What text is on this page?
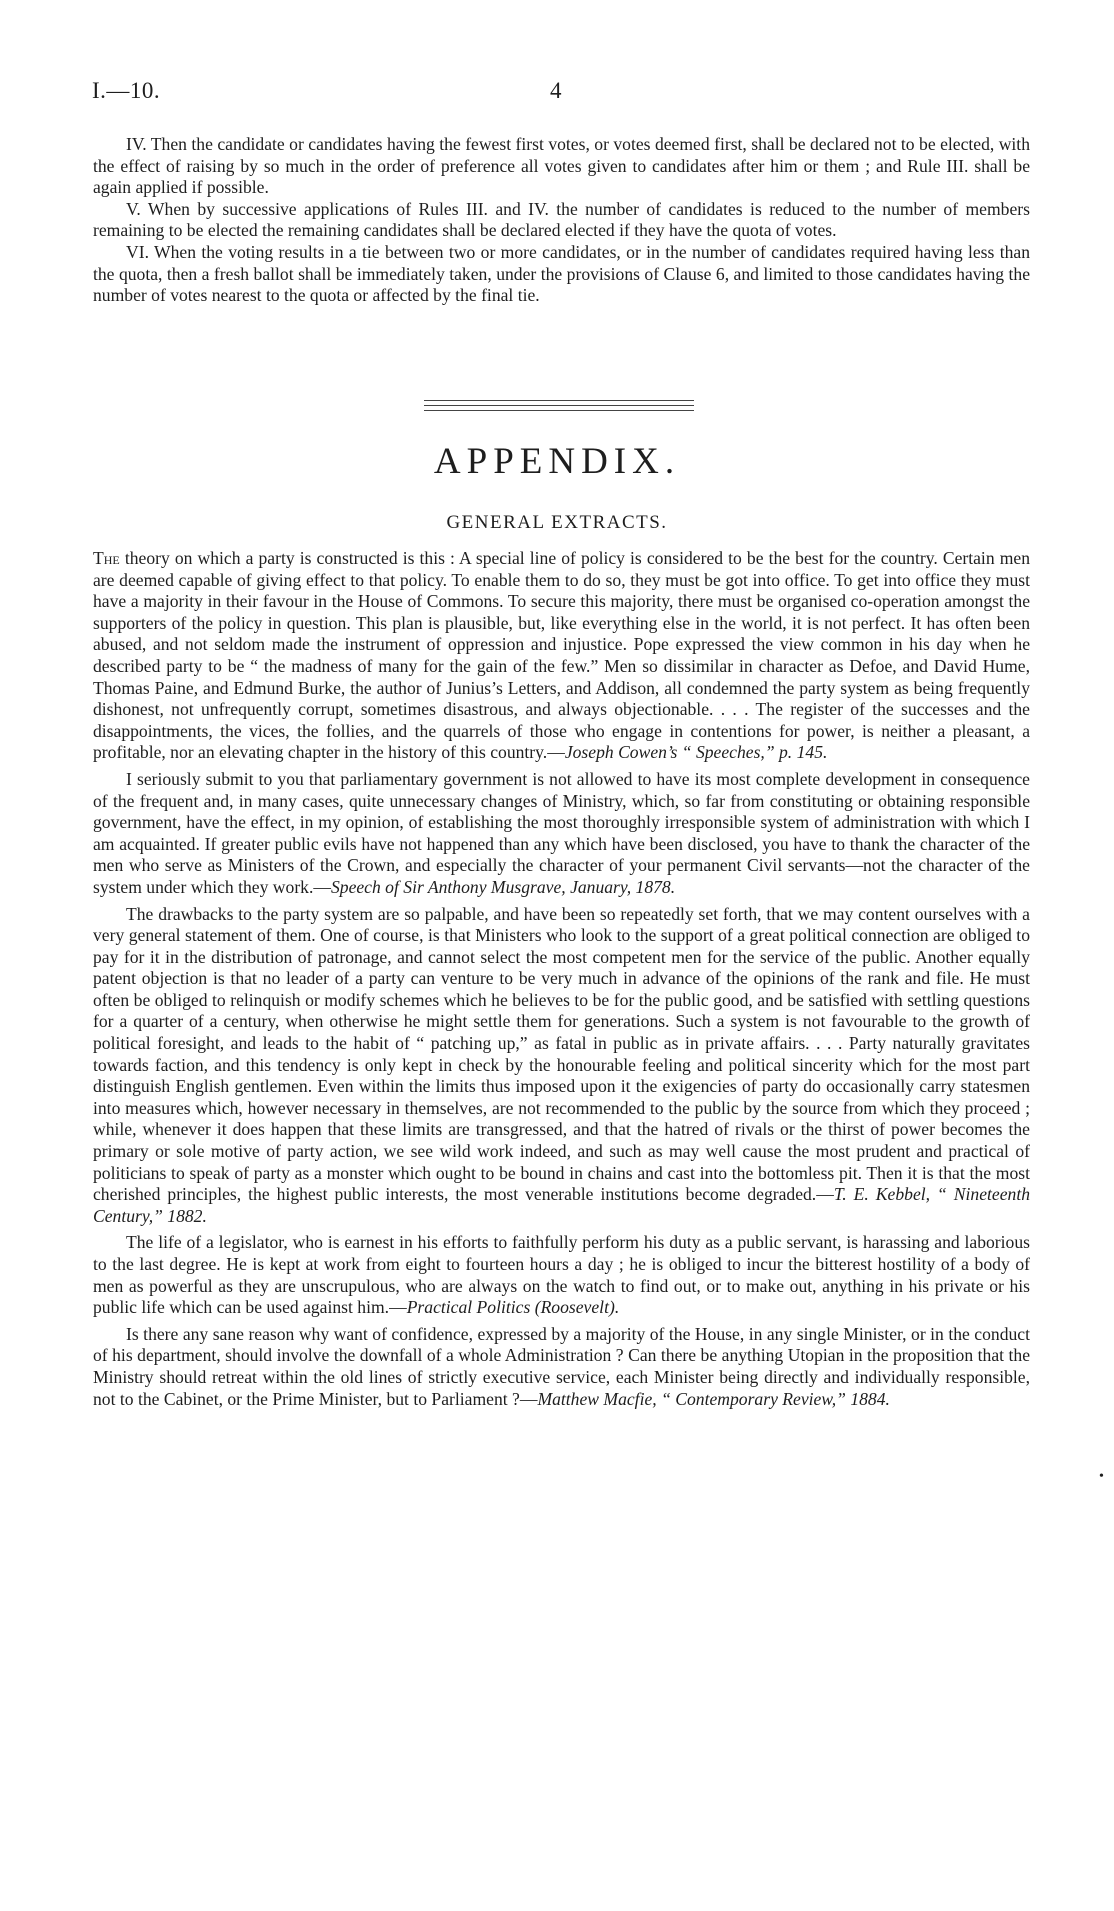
I.—10.	4

IV. Then the candidate or candidates having the fewest first votes, or votes deemed first, shall be declared not to be elected, with the effect of raising by so much in the order of preference all votes given to candidates after him or them ; and Rule III. shall be again applied if possible.

V. When by successive applications of Rules III. and IV. the number of candidates is reduced to the number of members remaining to be elected the remaining candidates shall be declared elected if they have the quota of votes.

VI. When the voting results in a tie between two or more candidates, or in the number of candidates required having less than the quota, then a fresh ballot shall be immediately taken, under the provisions of Clause 6, and limited to those candidates having the number of votes nearest to the quota or affected by the final tie.

APPENDIX.
GENERAL EXTRACTS.

The theory on which a party is constructed is this : A special line of policy is considered to be the best for the country. Certain men are deemed capable of giving effect to that policy. To enable them to do so, they must be got into office. To get into office they must have a majority in their favour in the House of Commons. To secure this majority, there must be organised co-operation amongst the supporters of the policy in question. This plan is plausible, but, like everything else in the world, it is not perfect. It has often been abused, and not seldom made the instrument of oppression and injustice. Pope expressed the view common in his day when he described party to be “ the madness of many for the gain of the few.” Men so dissimilar in character as Defoe, and David Hume, Thomas Paine, and Edmund Burke, the author of Junius’s Letters, and Addison, all condemned the party system as being frequently dishonest, not unfrequently corrupt, sometimes disastrous, and always objectionable. . . . The register of the successes and the disappointments, the vices, the follies, and the quarrels of those who engage in contentions for power, is neither a pleasant, a profitable, nor an elevating chapter in the history of this country.—Joseph Cowen’s “ Speeches,” p. 145.

I seriously submit to you that parliamentary government is not allowed to have its most complete development in consequence of the frequent and, in many cases, quite unnecessary changes of Ministry, which, so far from constituting or obtaining responsible government, have the effect, in my opinion, of establishing the most thoroughly irresponsible system of administration with which I am acquainted. If greater public evils have not happened than any which have been disclosed, you have to thank the character of the men who serve as Ministers of the Crown, and especially the character of your permanent Civil servants—not the character of the system under which they work.—Speech of Sir Anthony Musgrave, January, 1878.

The drawbacks to the party system are so palpable, and have been so repeatedly set forth, that we may content ourselves with a very general statement of them. One of course, is that Ministers who look to the support of a great political connection are obliged to pay for it in the distribution of patronage, and cannot select the most competent men for the service of the public. Another equally patent objection is that no leader of a party can venture to be very much in advance of the opinions of the rank and file. He must often be obliged to relinquish or modify schemes which he believes to be for the public good, and be satisfied with settling questions for a quarter of a century, when otherwise he might settle them for generations. Such a system is not favourable to the growth of political foresight, and leads to the habit of “ patching up,” as fatal in public as in private affairs. . . . Party naturally gravitates towards faction, and this tendency is only kept in check by the honourable feeling and political sincerity which for the most part distinguish English gentlemen. Even within the limits thus imposed upon it the exigencies of party do occasionally carry statesmen into measures which, however necessary in themselves, are not recommended to the public by the source from which they proceed ; while, whenever it does happen that these limits are transgressed, and that the hatred of rivals or the thirst of power becomes the primary or sole motive of party action, we see wild work indeed, and such as may well cause the most prudent and practical of politicians to speak of party as a monster which ought to be bound in chains and cast into the bottomless pit. Then it is that the most cherished principles, the highest public interests, the most venerable institutions become degraded.—T. E. Kebbel, “ Nineteenth Century,” 1882.

The life of a legislator, who is earnest in his efforts to faithfully perform his duty as a public servant, is harassing and laborious to the last degree. He is kept at work from eight to fourteen hours a day ; he is obliged to incur the bitterest hostility of a body of men as powerful as they are unscrupulous, who are always on the watch to find out, or to make out, anything in his private or his public life which can be used against him.—Practical Politics (Roosevelt).

Is there any sane reason why want of confidence, expressed by a majority of the House, in any single Minister, or in the conduct of his department, should involve the downfall of a whole Administration ? Can there be anything Utopian in the proposition that the Ministry should retreat within the old lines of strictly executive service, each Minister being directly and individually responsible, not to the Cabinet, or the Prime Minister, but to Parliament ?—Matthew Macfie, “ Contemporary Review,” 1884.

•
